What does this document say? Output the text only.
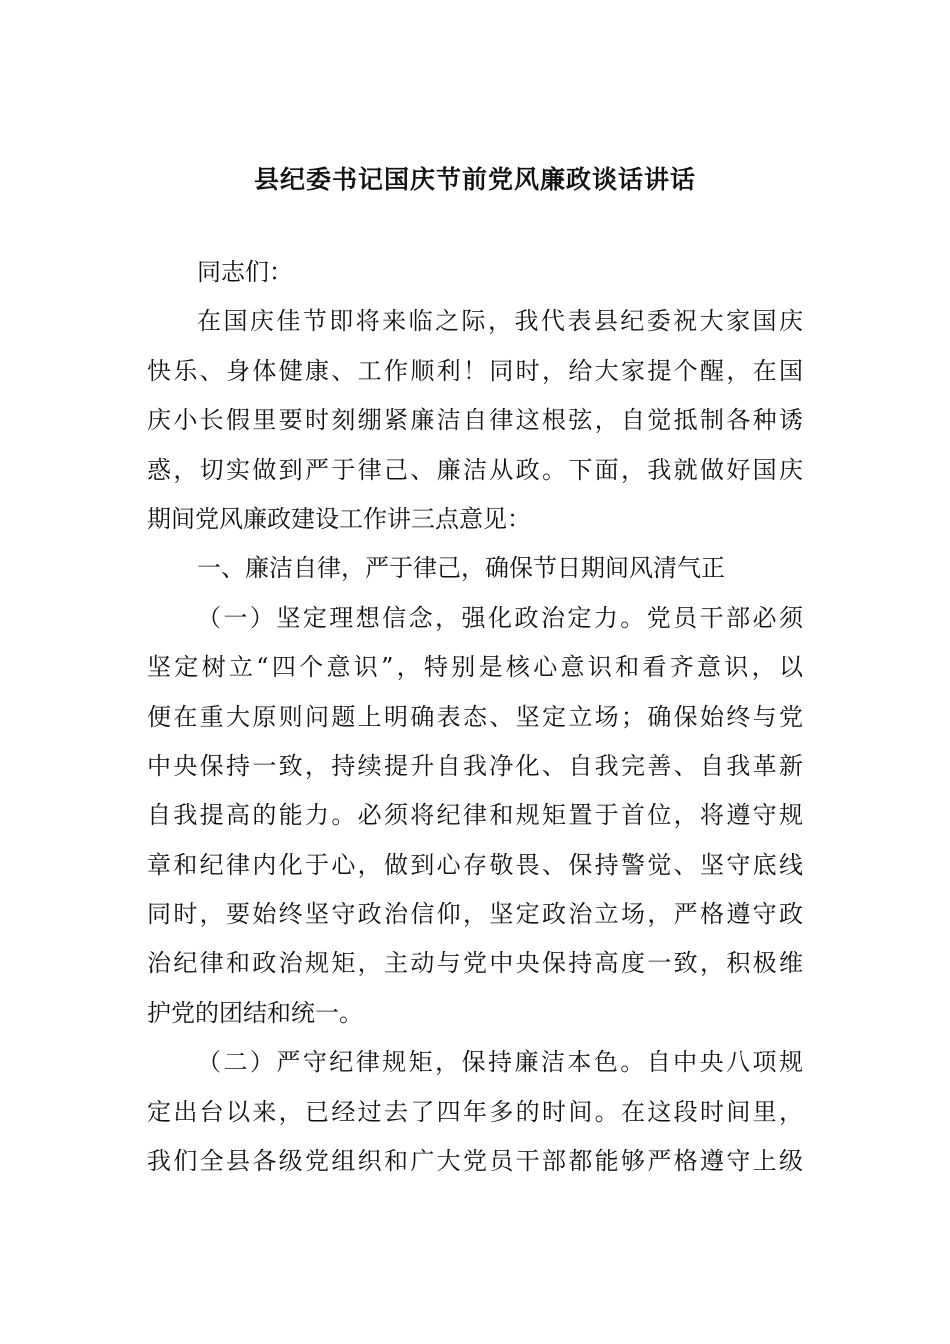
县纪委书记国庆节前党风廉政谈话讲话
同志们：
在国庆佳节即将来临之际，我代表县纪委祝大家国庆
快乐、身体健康、工作顺利！同时，给大家提个醒，在国
庆小长假里要时刻绷紧廉洁自律这根弦，自觉抵制各种诱
惑，切实做到严于律己、廉洁从政。下面，我就做好国庆
期间党风廉政建设工作讲三点意见：
一、廉洁自律，严于律己，确保节日期间风清气正
（一）坚定理想信念，强化政治定力。党员干部必须
坚定树立“四个意识”，特别是核心意识和看齐意识，以
便在重大原则问题上明确表态、坚定立场；确保始终与党
中央保持一致，持续提升自我净化、自我完善、自我革新
自我提高的能力。必须将纪律和规矩置于首位，将遵守规
章和纪律内化于心，做到心存敬畏、保持警觉、坚守底线
同时，要始终坚守政治信仰，坚定政治立场，严格遵守政
治纪律和政治规矩，主动与党中央保持高度一致，积极维
护党的团结和统一。
（二）严守纪律规矩，保持廉洁本色。自中央八项规
定出台以来，已经过去了四年多的时间。在这段时间里，
我们全县各级党组织和广大党员干部都能够严格遵守上级
